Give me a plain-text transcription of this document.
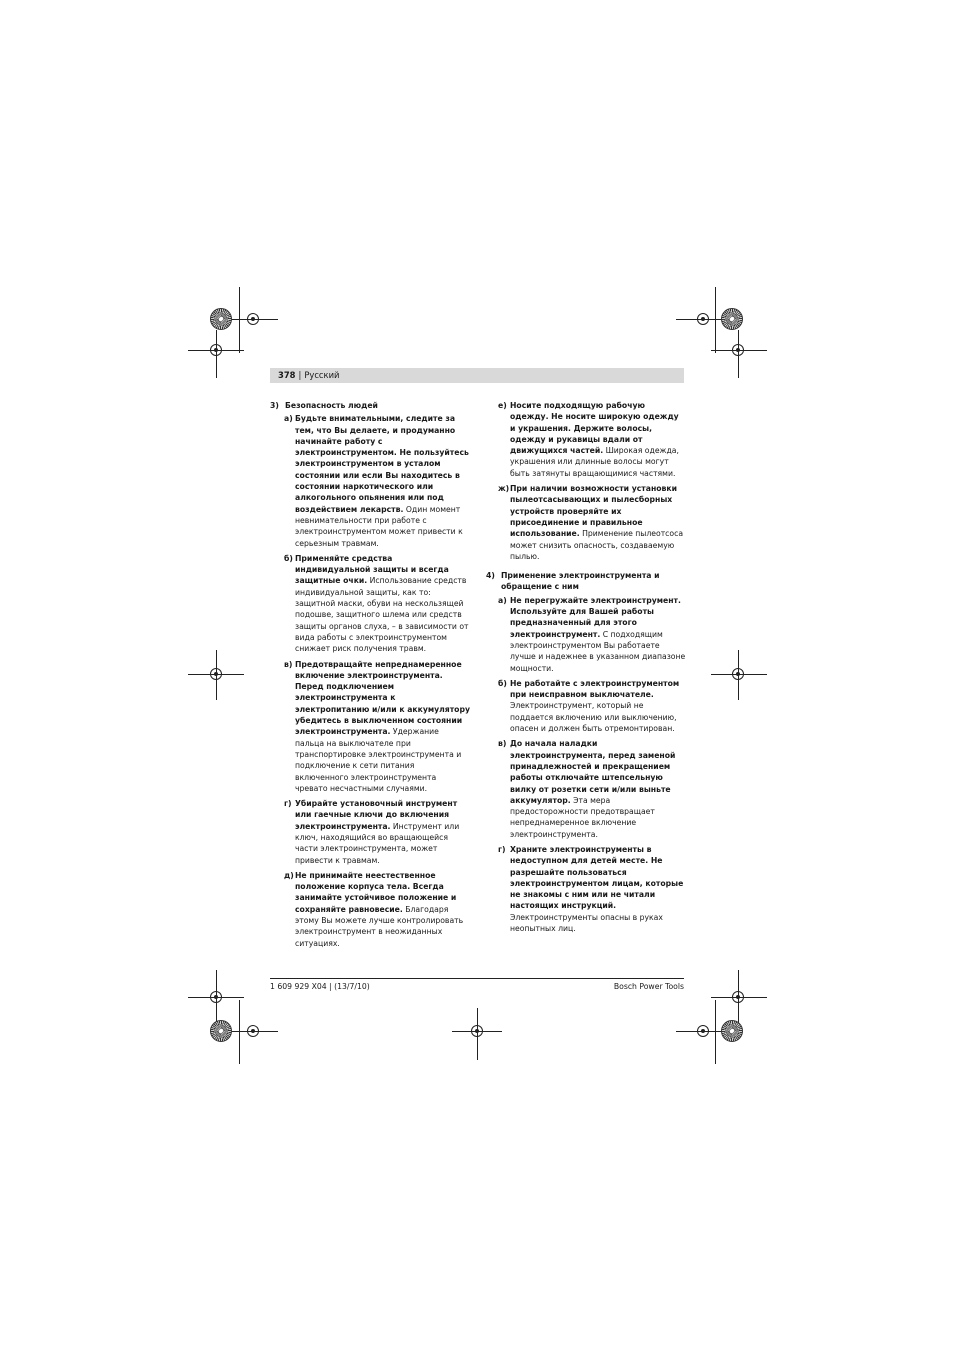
378 | Русский
3) Безопасность людей
а) Будьте внимательными, следите за тем, что Вы делаете, и продуманно начинайте работу с электроинструментом. Не пользуйтесь электроинструментом в усталом состоянии или если Вы находитесь в состоянии наркотического или алкогольного опьянения или под воздействием лекарств. Один момент невнимательности при работе с электроинструментом может привести к серьезным травмам.
б) Применяйте средства индивидуальной защиты и всегда защитные очки. Использование средств индивидуальной защиты, как то: защитной маски, обуви на нескользящей подошве, защитного шлема или средств защиты органов слуха, – в зависимости от вида работы с электроинструментом снижает риск получения травм.
в) Предотвращайте непреднамеренное включение электроинструмента. Перед подключением электроинструмента к электропитанию и/или к аккумулятору убедитесь в выключенном состоянии электроинструмента. Удержание пальца на выключателе при транспортировке электроинструмента и подключение к сети питания включенного электроинструмента чревато несчастными случаями.
г) Убирайте установочный инструмент или гаечные ключи до включения электроинструмента. Инструмент или ключ, находящийся во вращающейся части электроинструмента, может привести к травмам.
д) Не принимайте неестественное положение корпуса тела. Всегда занимайте устойчивое положение и сохраняйте равновесие. Благодаря этому Вы можете лучше контролировать электроинструмент в неожиданных ситуациях.
е) Носите подходящую рабочую одежду. Не носите широкую одежду и украшения. Держите волосы, одежду и рукавицы вдали от движущихся частей. Широкая одежда, украшения или длинные волосы могут быть затянуты вращающимися частями.
ж) При наличии возможности установки пылеотсасывающих и пылесборных устройств проверяйте их присоединение и правильное использование. Применение пылеотсоса может снизить опасность, создаваемую пылью.
4) Применение электроинструмента и обращение с ним
а) Не перегружайте электроинструмент. Используйте для Вашей работы предназначенный для этого электроинструмент. С подходящим электроинструментом Вы работаете лучше и надежнее в указанном диапазоне мощности.
б) Не работайте с электроинструментом при неисправном выключателе. Электроинструмент, который не поддается включению или выключению, опасен и должен быть отремонтирован.
в) До начала наладки электроинструмента, перед заменой принадлежностей и прекращением работы отключайте штепсельную вилку от розетки сети и/или выньте аккумулятор. Эта мера предосторожности предотвращает непреднамеренное включение электроинструмента.
г) Храните электроинструменты в недоступном для детей месте. Не разрешайте пользоваться электроинструментом лицам, которые не знакомы с ним или не читали настоящих инструкций. Электроинструменты опасны в руках неопытных лиц.
1 609 929 X04 | (13/7/10)	Bosch Power Tools
